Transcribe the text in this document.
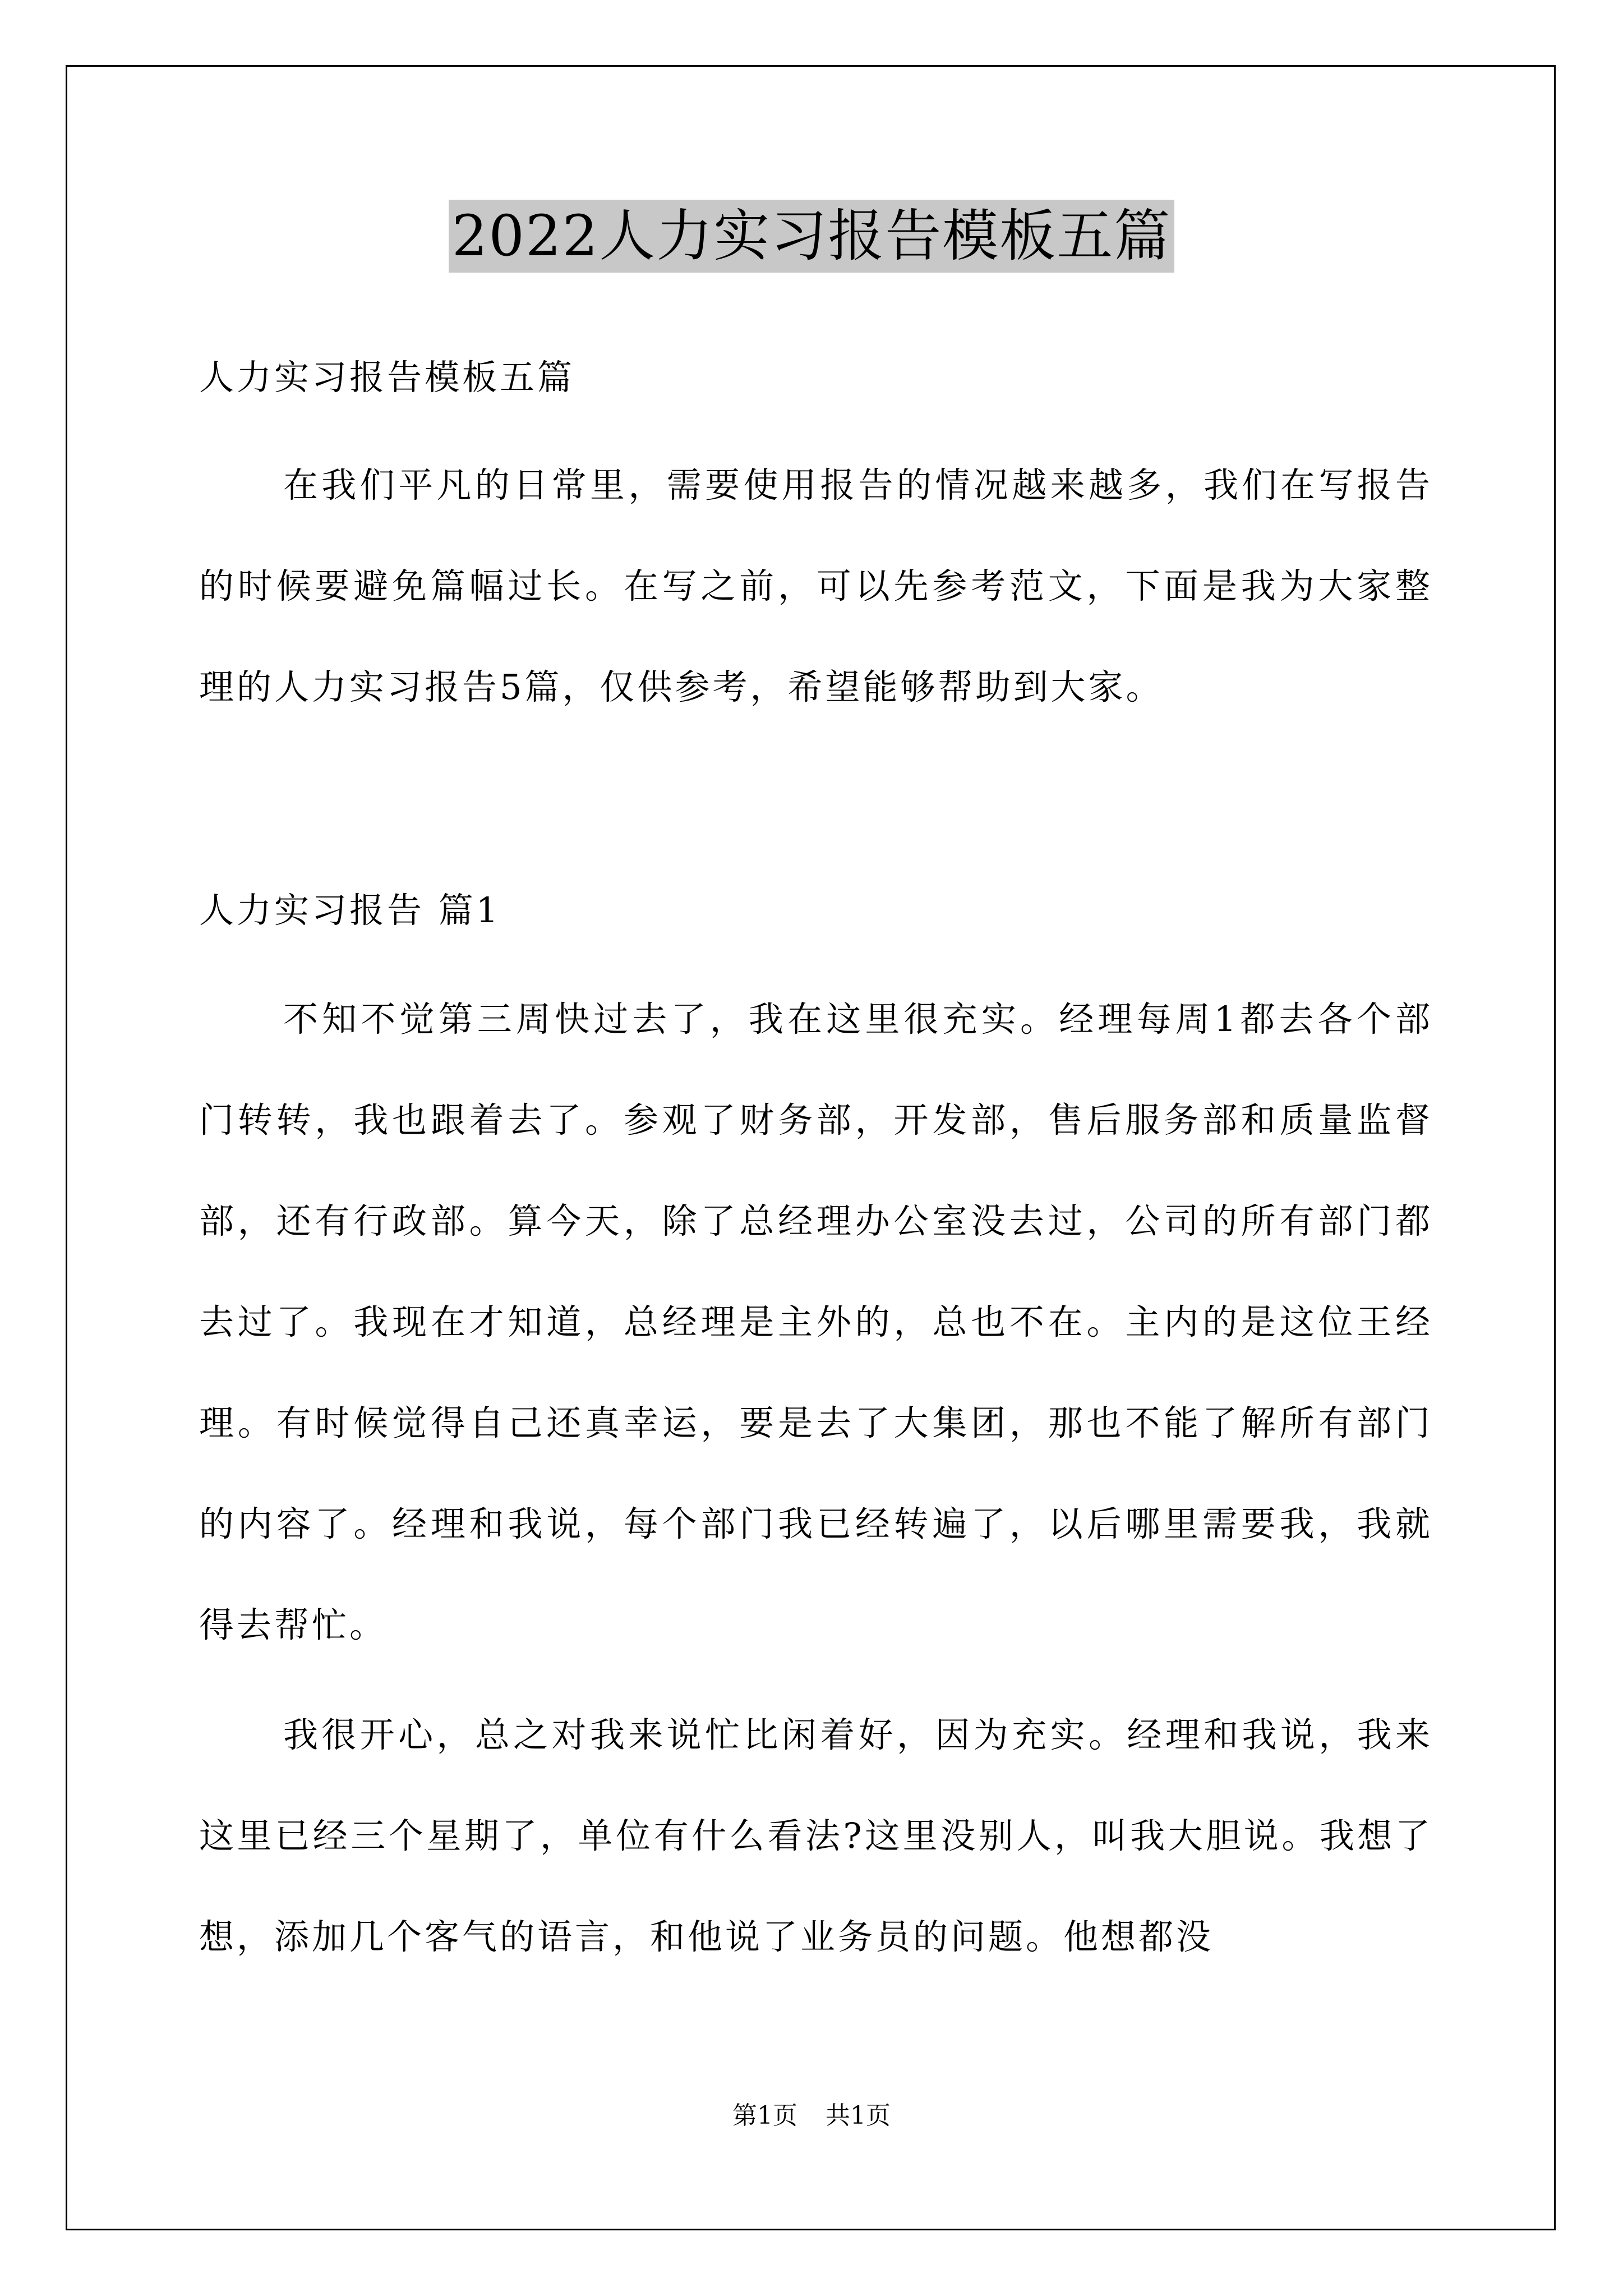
2022人力实习报告模板五篇
人力实习报告模板五篇
在我们平凡的日常里，需要使用报告的情况越来越多，我们在写报告的时候要避免篇幅过长。在写之前，可以先参考范文，下面是我为大家整理的人力实习报告5篇，仅供参考，希望能够帮助到大家。
人力实习报告 篇1
不知不觉第三周快过去了，我在这里很充实。经理每周1都去各个部门转转，我也跟着去了。参观了财务部，开发部，售后服务部和质量监督部，还有行政部。算今天，除了总经理办公室没去过，公司的所有部门都去过了。我现在才知道，总经理是主外的，总也不在。主内的是这位王经理。有时候觉得自己还真幸运，要是去了大集团，那也不能了解所有部门的内容了。经理和我说，每个部门我已经转遍了，以后哪里需要我，我就得去帮忙。
我很开心，总之对我来说忙比闲着好，因为充实。经理和我说，我来这里已经三个星期了，单位有什么看法?这里没别人，叫我大胆说。我想了想，添加几个客气的语言，和他说了业务员的问题。他想都没
第1页 共1页
